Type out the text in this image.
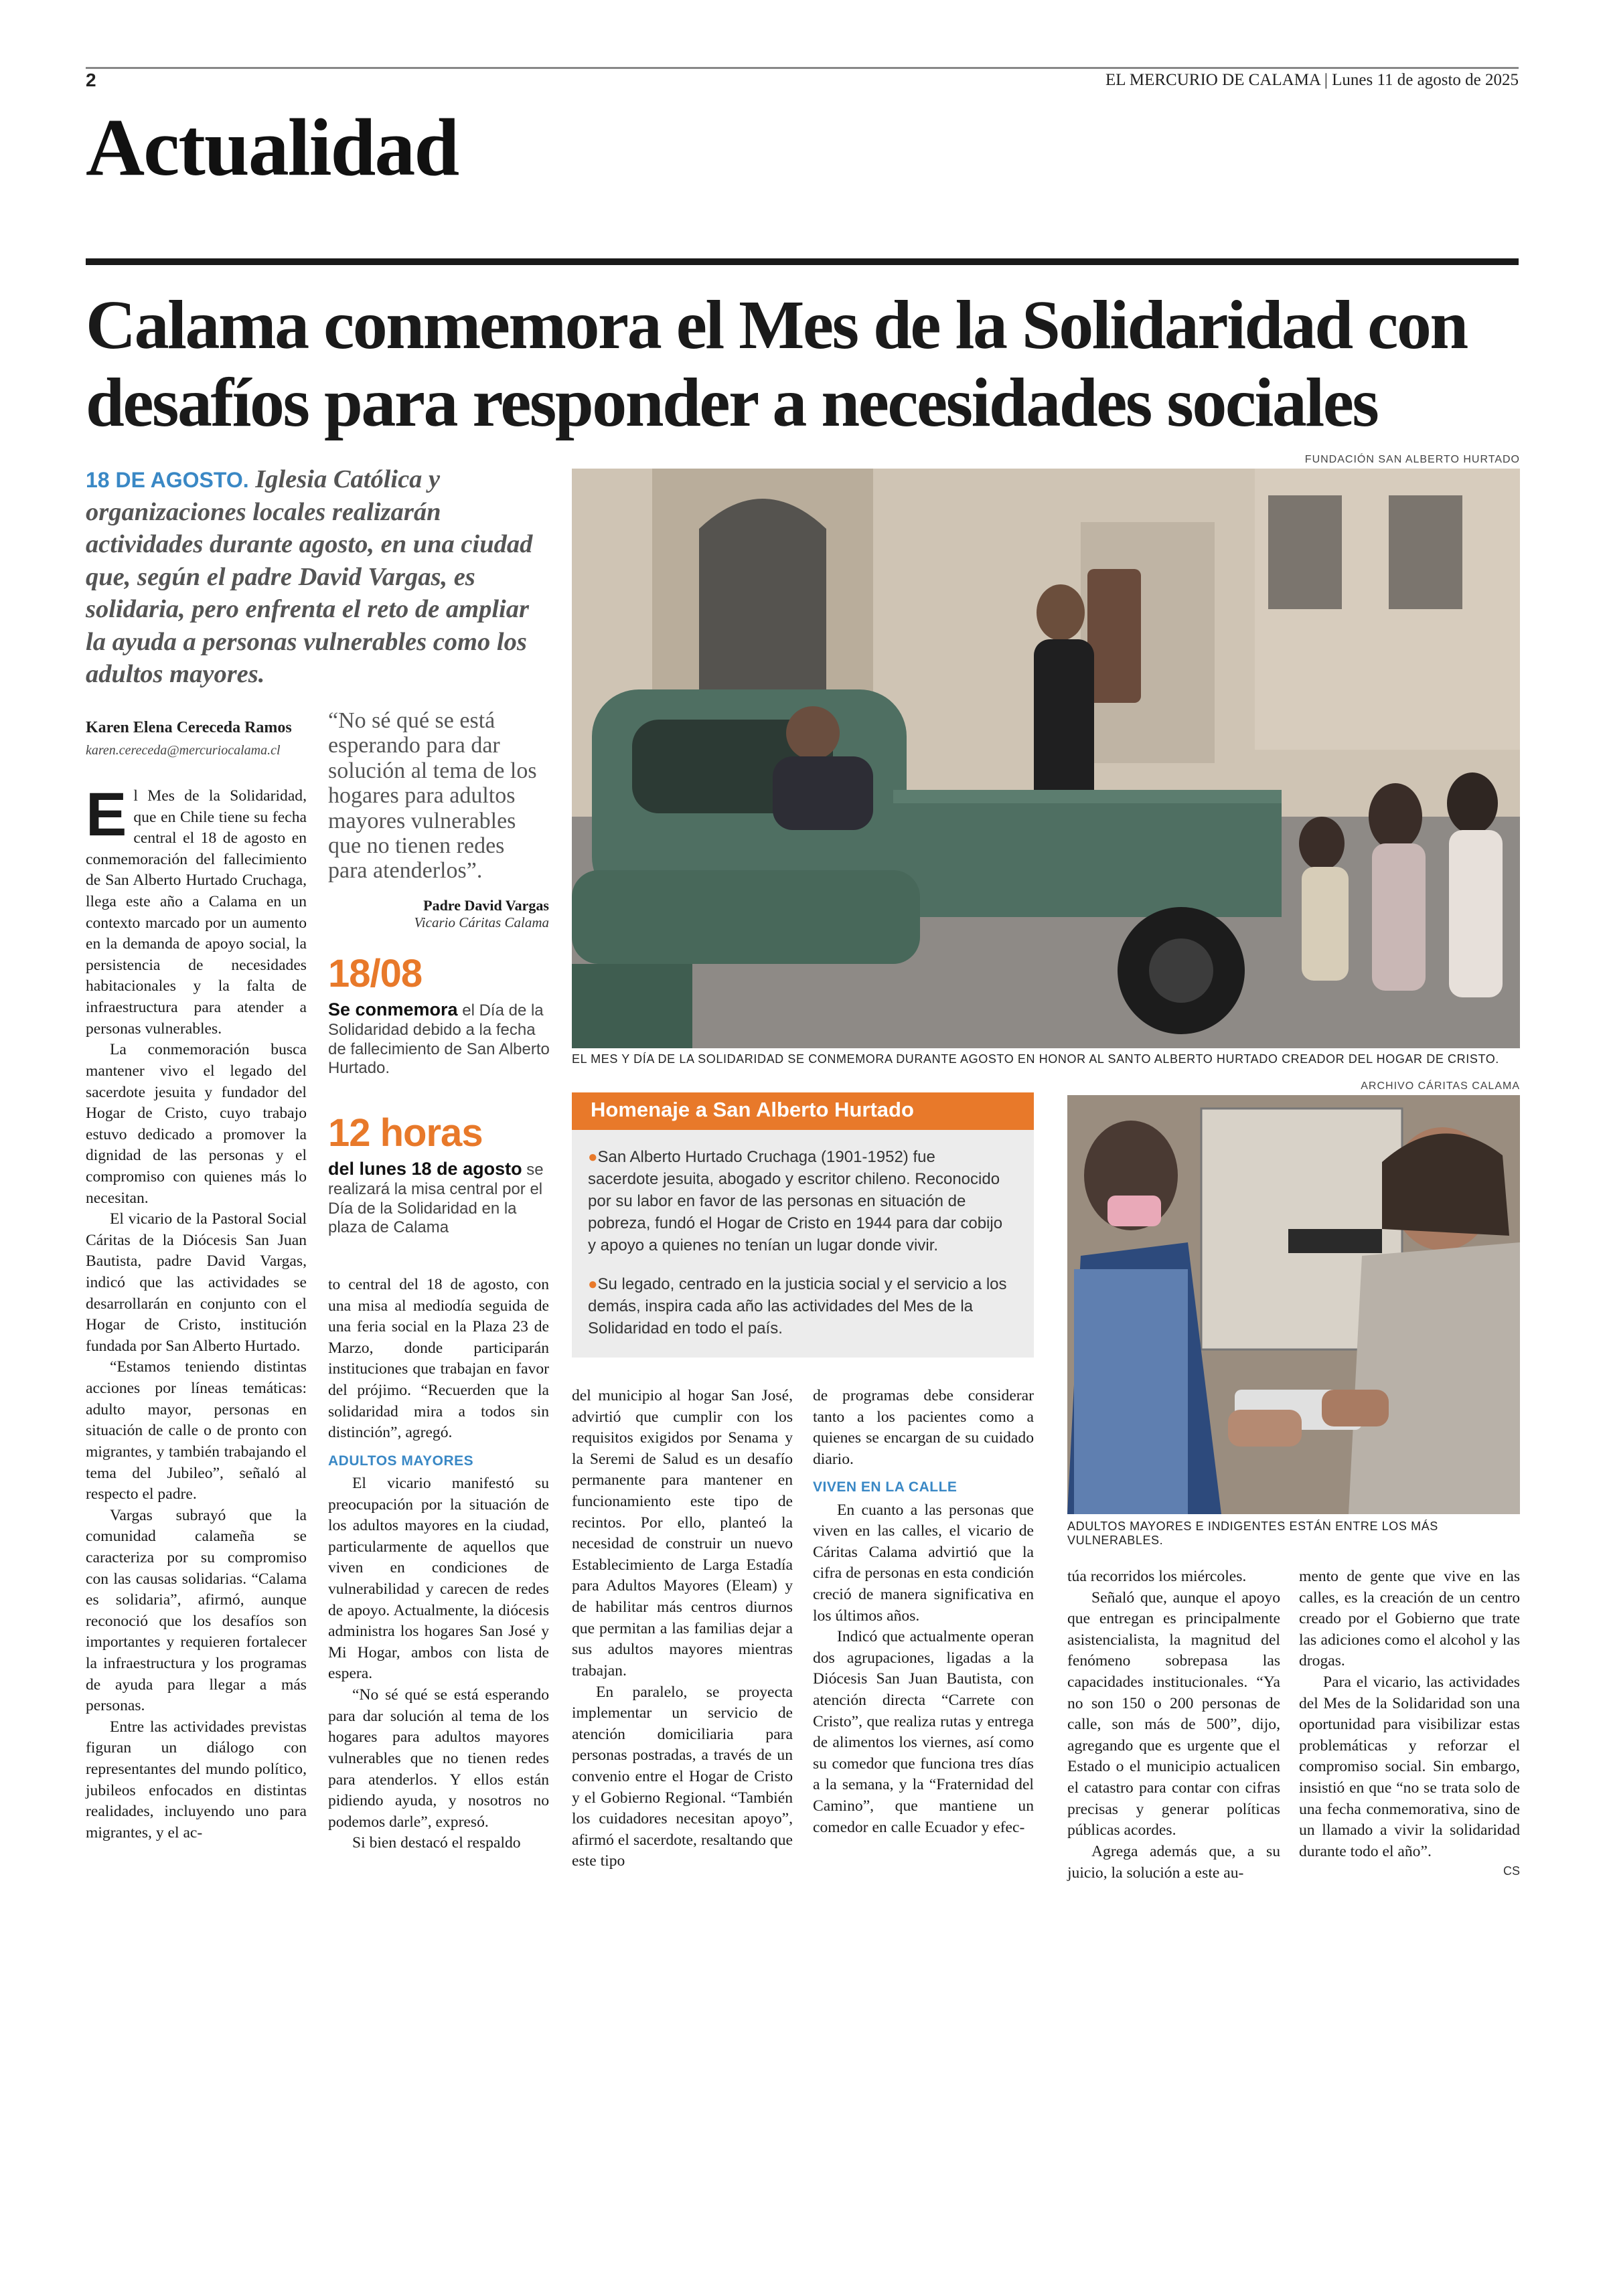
2	EL MERCURIO DE CALAMA | Lunes 11 de agosto de 2025
Actualidad
Calama conmemora el Mes de la Solidaridad con desafíos para responder a necesidades sociales
18 DE AGOSTO. Iglesia Católica y organizaciones locales realizarán actividades durante agosto, en una ciudad que, según el padre David Vargas, es solidaria, pero enfrenta el reto de ampliar la ayuda a personas vulnerables como los adultos mayores.
Karen Elena Cereceda Ramos
karen.cereceda@mercuriocalama.cl
“No sé qué se está esperando para dar solución al tema de los hogares para adultos mayores vulnerables que no tienen redes para atenderlos”.
Padre David Vargas
Vicario Cáritas Calama
18/08
Se conmemora el Día de la Solidaridad debido a la fecha de fallecimiento de San Alberto Hurtado.
12 horas
del lunes 18 de agosto se realizará la misa central por el Día de la Solidaridad en la plaza de Calama
FUNDACIÓN SAN ALBERTO HURTADO
EL MES Y DÍA DE LA SOLIDARIDAD SE CONMEMORA DURANTE AGOSTO EN HONOR AL SANTO ALBERTO HURTADO CREADOR DEL HOGAR DE CRISTO.
ARCHIVO CÁRITAS CALAMA
ADULTOS MAYORES E INDIGENTES ESTÁN ENTRE LOS MÁS VULNERABLES.
Homenaje a San Alberto Hurtado

●San Alberto Hurtado Cruchaga (1901-1952) fue sacerdote jesuita, abogado y escritor chileno. Reconocido por su labor en favor de las personas en situación de pobreza, fundó el Hogar de Cristo en 1944 para dar cobijo y apoyo a quienes no tenían un lugar donde vivir.

●Su legado, centrado en la justicia social y el servicio a los demás, inspira cada año las actividades del Mes de la Solidaridad en todo el país.

El Mes de la Solidaridad, que en Chile tiene su fecha central el 18 de agosto en conmemoración del fallecimiento de San Alberto Hurtado Cruchaga, llega este año a Calama en un contexto marcado por un aumento en la demanda de apoyo social, la persistencia de necesidades habitacionales y la falta de infraestructura para atender a personas vulnerables.

La conmemoración busca mantener vivo el legado del sacerdote jesuita y fundador del Hogar de Cristo, cuyo trabajo estuvo dedicado a promover la dignidad de las personas y el compromiso con quienes más lo necesitan.

El vicario de la Pastoral Social Cáritas de la Diócesis San Juan Bautista, padre David Vargas, indicó que las actividades se desarrollarán en conjunto con el Hogar de Cristo, institución fundada por San Alberto Hurtado.

“Estamos teniendo distintas acciones por líneas temáticas: adulto mayor, personas en situación de calle o de pronto con migrantes, y también trabajando el tema del Jubileo”, señaló al respecto el padre.

Vargas subrayó que la comunidad calameña se caracteriza por su compromiso con las causas solidarias. “Calama es solidaria”, afirmó, aunque reconoció que los desafíos son importantes y requieren fortalecer la infraestructura y los programas de ayuda para llegar a más personas.

Entre las actividades previstas figuran un diálogo con representantes del mundo político, jubileos enfocados en distintas realidades, incluyendo uno para migrantes, y el ac-

to central del 18 de agosto, con una misa al mediodía seguida de una feria social en la Plaza 23 de Marzo, donde participarán instituciones que trabajan en favor del prójimo. “Recuerden que la solidaridad mira a todos sin distinción”, agregó.

ADULTOS MAYORES

El vicario manifestó su preocupación por la situación de los adultos mayores en la ciudad, particularmente de aquellos que viven en condiciones de vulnerabilidad y carecen de redes de apoyo. Actualmente, la diócesis administra los hogares San José y Mi Hogar, ambos con lista de espera.

“No sé qué se está esperando para dar solución al tema de los hogares para adultos mayores vulnerables que no tienen redes para atenderlos. Y ellos están pidiendo ayuda, y nosotros no podemos darle”, expresó.

Si bien destacó el respaldo

del municipio al hogar San José, advirtió que cumplir con los requisitos exigidos por Senama y la Seremi de Salud es un desafío permanente para mantener en funcionamiento este tipo de recintos. Por ello, planteó la necesidad de construir un nuevo Establecimiento de Larga Estadía para Adultos Mayores (Eleam) y de habilitar más centros diurnos que permitan a las familias dejar a sus adultos mayores mientras trabajan.

En paralelo, se proyecta implementar un servicio de atención domiciliaria para personas postradas, a través de un convenio entre el Hogar de Cristo y el Gobierno Regional. “También los cuidadores necesitan apoyo”, afirmó el sacerdote, resaltando que este tipo

de programas debe considerar tanto a los pacientes como a quienes se encargan de su cuidado diario.

VIVEN EN LA CALLE

En cuanto a las personas que viven en las calles, el vicario de Cáritas Calama advirtió que la cifra de personas en esta condición creció de manera significativa en los últimos años.

Indicó que actualmente operan dos agrupaciones, ligadas a la Diócesis San Juan Bautista, con atención directa “Carrete con Cristo”, que realiza rutas y entrega de alimentos los viernes, así como su comedor que funciona tres días a la semana, y la “Fraternidad del Camino”, que mantiene un comedor en calle Ecuador y efec-

túa recorridos los miércoles.

Señaló que, aunque el apoyo que entregan es principalmente asistencialista, la magnitud del fenómeno sobrepasa las capacidades institucionales. “Ya no son 150 o 200 personas de calle, son más de 500”, dijo, agregando que es urgente que el Estado o el municipio actualicen el catastro para contar con cifras precisas y generar políticas públicas acordes.

Agrega además que, a su juicio, la solución a este au-

mento de gente que vive en las calles, es la creación de un centro creado por el Gobierno que trate las adiciones como el alcohol y las drogas.

Para el vicario, las actividades del Mes de la Solidaridad son una oportunidad para visibilizar estas problemáticas y reforzar el compromiso social. Sin embargo, insistió en que “no se trata solo de una fecha conmemorativa, sino de un llamado a vivir la solidaridad durante todo el año”.

CS
